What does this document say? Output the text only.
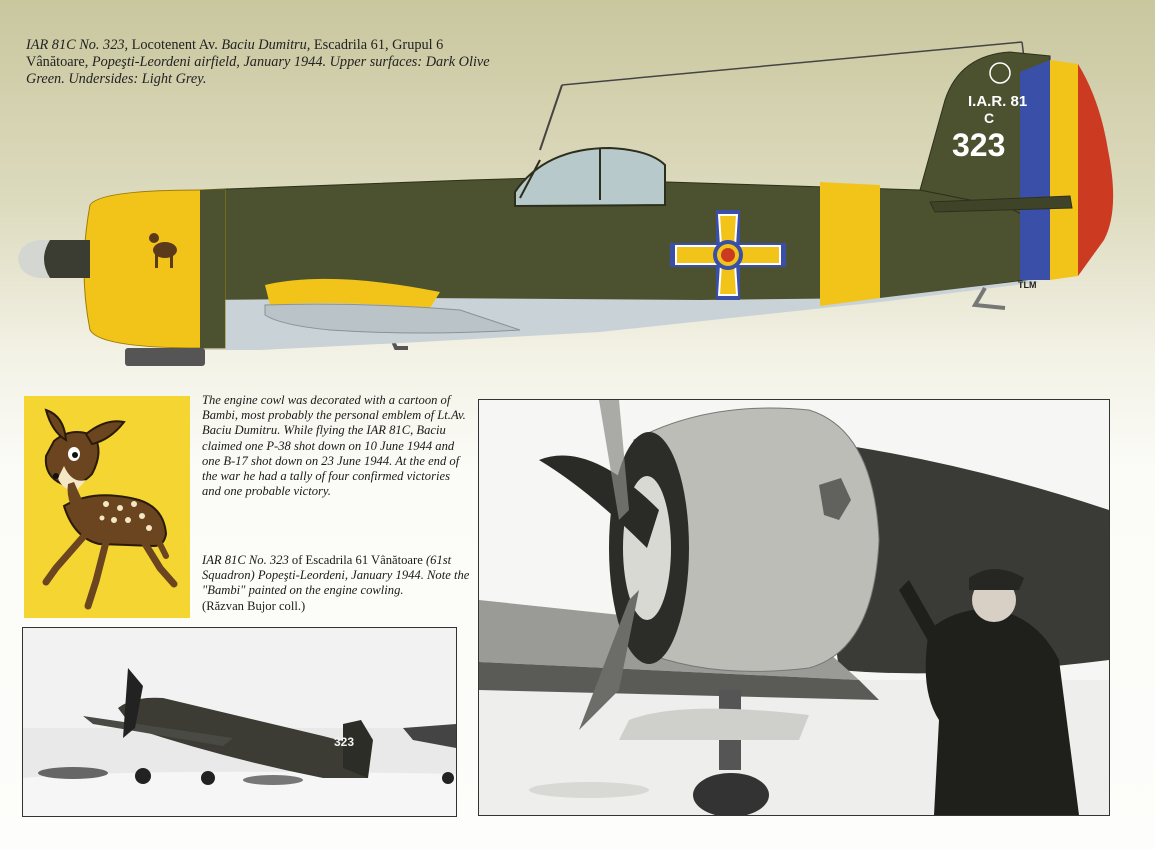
IAR 81C No. 323, Locotenent Av. Baciu Dumitru, Escadrila 61, Grupul 6
Vânătoare, Popeşti-Leordeni airfield, January 1944. Upper surfaces: Dark Olive
Green. Undersides: Light Grey.
I.A.R. 81
C
323
TLM
The engine cowl was decorated with a cartoon of Bambi, most probably the personal emblem of Lt.Av. Baciu Dumitru. While flying the IAR 81C, Baciu claimed one P-38 shot down on 10 June 1944 and one B-17 shot down on 23 June 1944. At the end of the war he had a tally of four confirmed victories and one probable victory.
IAR 81C No. 323 of Escadrila 61 Vânătoare (61st Squadron) Popeşti-Leordeni, January 1944. Note the "Bambi" painted on the engine cowling.
(Răzvan Bujor coll.)
323
